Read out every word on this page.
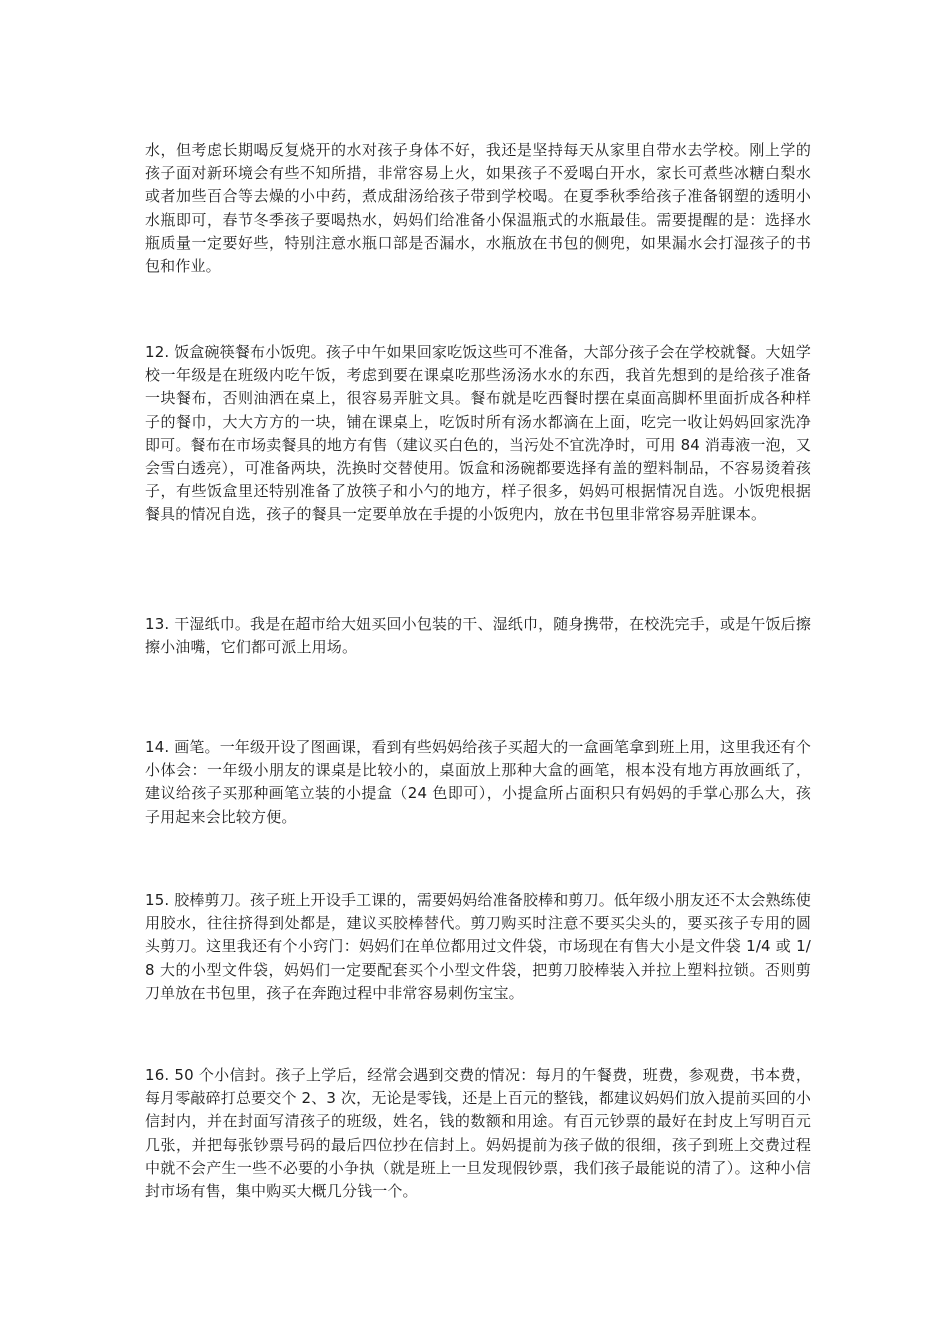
水，但考虑长期喝反复烧开的水对孩子身体不好，我还是坚持每天从家里自带水去学校。刚上学的孩子面对新环境会有些不知所措，非常容易上火，如果孩子不爱喝白开水，家长可煮些冰糖白梨水或者加些百合等去燥的小中药，煮成甜汤给孩子带到学校喝。在夏季秋季给孩子准备钢塑的透明小水瓶即可，春节冬季孩子要喝热水，妈妈们给准备小保温瓶式的水瓶最佳。需要提醒的是：选择水瓶质量一定要好些，特别注意水瓶口部是否漏水，水瓶放在书包的侧兜，如果漏水会打湿孩子的书包和作业。

12. 饭盒碗筷餐布小饭兜。孩子中午如果回家吃饭这些可不准备，大部分孩子会在学校就餐。大妞学校一年级是在班级内吃午饭，考虑到要在课桌吃那些汤汤水水的东西，我首先想到的是给孩子准备一块餐布，否则油洒在桌上，很容易弄脏文具。餐布就是吃西餐时摆在桌面高脚杯里面折成各种样子的餐巾，大大方方的一块，铺在课桌上，吃饭时所有汤水都滴在上面，吃完一收让妈妈回家洗净即可。餐布在市场卖餐具的地方有售（建议买白色的，当污处不宜洗净时，可用 84 消毒液一泡，又会雪白透亮），可准备两块，洗换时交替使用。饭盒和汤碗都要选择有盖的塑料制品，不容易烫着孩子，有些饭盒里还特别准备了放筷子和小勺的地方，样子很多，妈妈可根据情况自选。小饭兜根据餐具的情况自选，孩子的餐具一定要单放在手提的小饭兜内，放在书包里非常容易弄脏课本。

13. 干湿纸巾。我是在超市给大妞买回小包装的干、湿纸巾，随身携带，在校洗完手，或是午饭后擦擦小油嘴，它们都可派上用场。

14. 画笔。一年级开设了图画课，看到有些妈妈给孩子买超大的一盒画笔拿到班上用，这里我还有个小体会：一年级小朋友的课桌是比较小的，桌面放上那种大盒的画笔，根本没有地方再放画纸了，建议给孩子买那种画笔立装的小提盒（24 色即可），小提盒所占面积只有妈妈的手掌心那么大，孩子用起来会比较方便。

15. 胶棒剪刀。孩子班上开设手工课的，需要妈妈给准备胶棒和剪刀。低年级小朋友还不太会熟练使用胶水，往往挤得到处都是，建议买胶棒替代。剪刀购买时注意不要买尖头的，要买孩子专用的圆头剪刀。这里我还有个小窍门：妈妈们在单位都用过文件袋，市场现在有售大小是文件袋 1/4 或 1/8 大的小型文件袋，妈妈们一定要配套买个小型文件袋，把剪刀胶棒装入并拉上塑料拉锁。否则剪刀单放在书包里，孩子在奔跑过程中非常容易刺伤宝宝。

16. 50 个小信封。孩子上学后，经常会遇到交费的情况：每月的午餐费，班费，参观费，书本费，每月零敲碎打总要交个 2、3 次，无论是零钱，还是上百元的整钱，都建议妈妈们放入提前买回的小信封内，并在封面写清孩子的班级，姓名，钱的数额和用途。有百元钞票的最好在封皮上写明百元几张，并把每张钞票号码的最后四位抄在信封上。妈妈提前为孩子做的很细，孩子到班上交费过程中就不会产生一些不必要的小争执（就是班上一旦发现假钞票，我们孩子最能说的清了）。这种小信封市场有售，集中购买大概几分钱一个。
